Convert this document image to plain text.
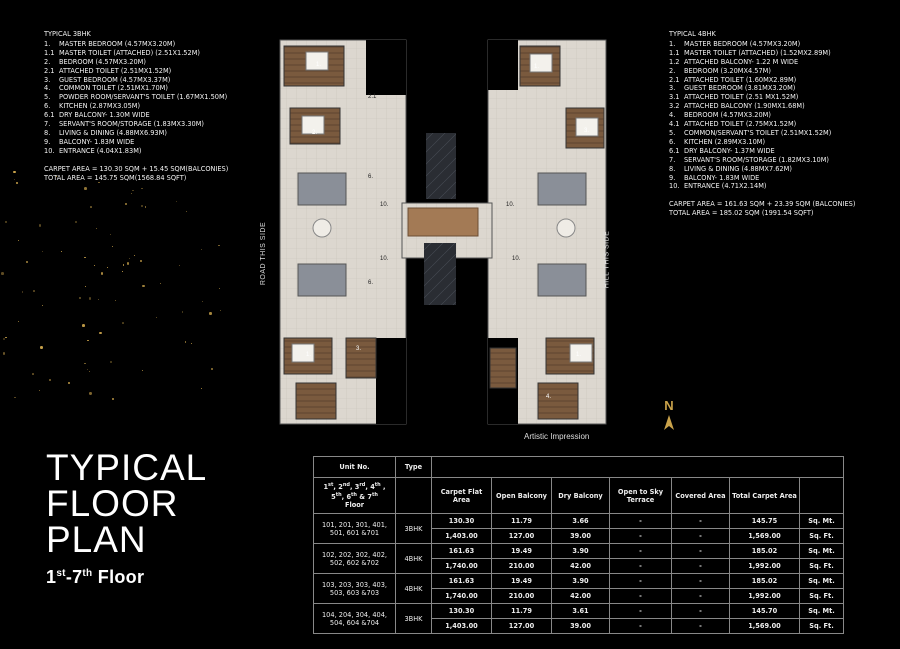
TYPICAL 3BHK
1.	MASTER BEDROOM (4.57MX3.20M)
1.1 MASTER TOILET (ATTACHED) (2.51X1.52M)
2.	BEDROOM (4.57MX3.20M)
2.1 ATTACHED TOILET (2.51MX1.52M)
3.	GUEST BEDROOM (4.57MX3.37M)
4.	COMMON TOILET (2.51MX1.70M)
5.	POWDER ROOM/SERVANT'S TOILET (1.67MX1.50M)
6.	KITCHEN (2.87MX3.05M)
6.1 DRY BALCONY- 1.30M WIDE
7.	SERVANT'S ROOM/STORAGE (1.83MX3.30M)
8.	LIVING & DINING (4.88MX6.93M)
9.	BALCONY- 1.83M WIDE
10. ENTRANCE (4.04X1.83M)
CARPET AREA = 130.30 SQM + 15.45 SQM(BALCONIES)
TOTAL AREA = 145.75 SQM(1568.84 SQFT)
TYPICAL 4BHK
1.	MASTER BEDROOM (4.57MX3.20M)
1.1 MASTER TOILET (ATTACHED) (1.52MX2.89M)
1.2 ATTACHED BALCONY- 1.22 M WIDE
2.	BEDROOM (3.20MX4.57M)
2.1 ATTACHED TOILET (1.60MX2.89M)
3.	GUEST BEDROOM (3.81MX3.20M)
3.1 ATTACHED TOILET (2.51 MX1.52M)
3.2 ATTACHED BALCONY (1.90MX1.68M)
4.	BEDROOM (4.57MX3.20M)
4.1 ATTACHED TOILET (2.75MX1.52M)
5.	COMMON/SERVANT'S TOILET (2.51MX1.52M)
6.	KITCHEN (2.89MX3.10M)
6.1 DRY BALCONY- 1.37M WIDE
7.	SERVANT'S ROOM/STORAGE (1.82MX3.10M)
8.	LIVING & DINING (4.88MX7.62M)
9.	BALCONY- 1.83M WIDE
10. ENTRANCE (4.71X2.14M)
CARPET AREA = 161.63 SQM + 23.39 SQM (BALCONIES)
TOTAL AREA = 185.02 SQM (1991.54 SQFT)
1.
2.1
2.
6.
10.
6.
10.
1.
3.
1.
3.
10.
10.
1.
4.
ROAD THIS SIDE	HILL THIS SIDE
Artistic Impression
N
TYPICAL
FLOOR
PLAN
1st-7th Floor
Unit No.	Type							
1st, 2nd, 3rd, 4th ,
5th, 6th & 7th
Floor		Carpet Flat Area	Open Balcony	Dry Balcony	Open to Sky Terrace	Covered Area	Total Carpet Area	
101, 201, 301, 401, 501, 601 &701	3BHK	130.30	11.79	3.66	-	-	145.75	Sq. Mt.
		1,403.00	127.00	39.00	-	-	1,569.00	Sq. Ft.
102, 202, 302, 402, 502, 602 &702	4BHK	161.63	19.49	3.90	-	-	185.02	Sq. Mt.
		1,740.00	210.00	42.00	-	-	1,992.00	Sq. Ft.
103, 203, 303, 403, 503, 603 &703	4BHK	161.63	19.49	3.90	-	-	185.02	Sq. Mt.
		1,740.00	210.00	42.00	-	-	1,992.00	Sq. Ft.
104, 204, 304, 404, 504, 604 &704	3BHK	130.30	11.79	3.61	-	-	145.70	Sq. Mt.
		1,403.00	127.00	39.00	-	-	1,569.00	Sq. Ft.
